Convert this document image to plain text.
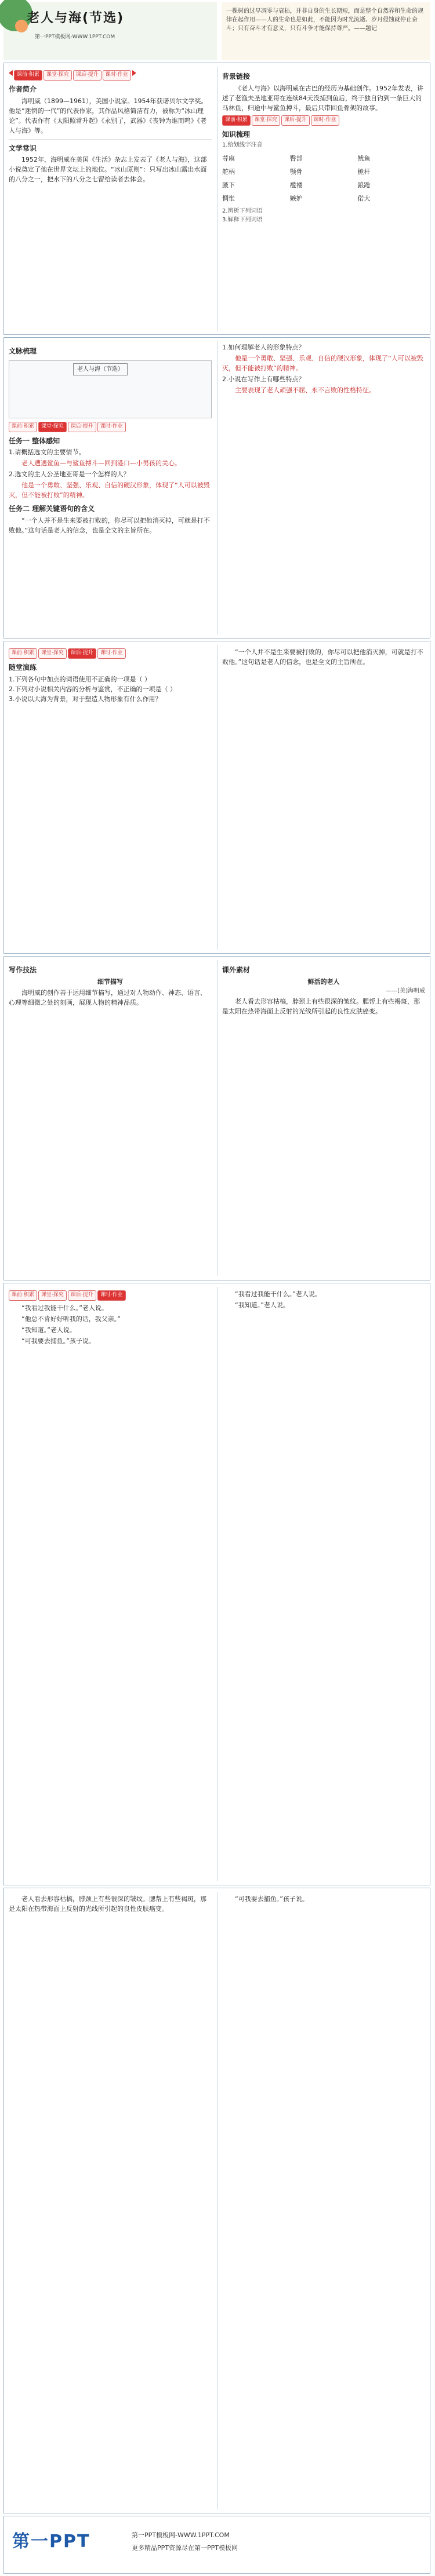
老人与海(节选)
第一PPT模板网-WWW.1PPT.COM
一棵树的过早凋零与衰枯，并非自身的生长期短，而是整个自然界和生命的规律在起作用——人的生命也是如此，不能因为时光流逝、岁月侵蚀就停止奋斗；只有奋斗才有意义，只有斗争才能保持尊严。——题记
课前·积累	课堂·探究	课后·提升	课时·作业
作者简介
海明威（1899—1961），美国小说家。1954年获诺贝尔文学奖。他是“迷惘的一代”的代表作家，其作品风格简洁有力，被称为“冰山理论”。代表作有《太阳照常升起》《永别了，武器》《丧钟为谁而鸣》《老人与海》等。
文学常识
1952年，海明威在美国《生活》杂志上发表了《老人与海》，这部小说奠定了他在世界文坛上的地位。“冰山原则”：只写出冰山露出水面的八分之一，把水下的八分之七留给读者去体会。
背景链接
《老人与海》以海明威在古巴的经历为基础创作。1952年发表，讲述了老渔夫圣地亚哥在连续84天没捕到鱼后，终于独自钓到一条巨大的马林鱼，归途中与鲨鱼搏斗，最后只带回鱼骨架的故事。
课前·积累	课堂·探究	课后·提升	课时·作业
知识梳理
1.给划线字注音
荨麻	臀部	鱿鱼
舵柄	颚骨	桅杆
腋下	褴褛	踉跄
惆怅	嫉妒	偌大
2.辨析下列词语
3.解释下列词语
文脉梳理
老人与海（节选）
课前·积累	课堂·探究	课后·提升	课时·作业
任务一 整体感知
1.请概括选文的主要情节。
老人遭遇鲨鱼—与鲨鱼搏斗—回到港口—小男孩的关心。
2.选文的主人公圣地亚哥是一个怎样的人？
他是一个勇敢、坚强、乐观、自信的硬汉形象，体现了“人可以被毁灭，但不能被打败”的精神。
任务二 理解关键语句的含义
“一个人并不是生来要被打败的，你尽可以把他消灭掉，可就是打不败他。”这句话是老人的信念，也是全文的主旨所在。
1.如何理解老人的形象特点？
他是一个勇敢、坚强、乐观、自信的硬汉形象，体现了“人可以被毁灭，但不能被打败”的精神。
2.小说在写作上有哪些特点？
主要表现了老人顽强不屈、永不言败的性格特征。
课前·积累	课堂·探究	课后·提升	课时·作业
随堂演练
1.下列各句中加点的词语使用不正确的一项是（ ）
2.下列对小说相关内容的分析与鉴赏，不正确的一项是（ ）
3.小说以大海为背景，对于塑造人物形象有什么作用？
“一个人并不是生来要被打败的，你尽可以把他消灭掉，可就是打不败他。”这句话是老人的信念，也是全文的主旨所在。
写作技法
细节描写
海明威的创作善于运用细节描写，通过对人物动作、神态、语言、心理等细微之处的刻画，展现人物的精神品质。
课外素材
鲜活的老人
——[美]海明威
老人看去形容枯槁，脖颈上有些很深的皱纹。腮帮上有些褐斑，那是太阳在热带海面上反射的光线所引起的良性皮肤癌变。
课前·积累	课堂·探究	课后·提升	课时·作业
“我看过我能干什么。”老人说。
“他总不肯好好听我的话，我父亲。”
“我知道。”老人说。
“可我要去捕鱼。”孩子说。
“我看过我能干什么。”老人说。
“我知道。”老人说。
老人看去形容枯槁，脖颈上有些很深的皱纹。腮帮上有些褐斑，那是太阳在热带海面上反射的光线所引起的良性皮肤癌变。
“可我要去捕鱼。”孩子说。
第一PPT	第一PPT模板网-WWW.1PPT.COM
更多精品PPT资源尽在第一PPT模板网
